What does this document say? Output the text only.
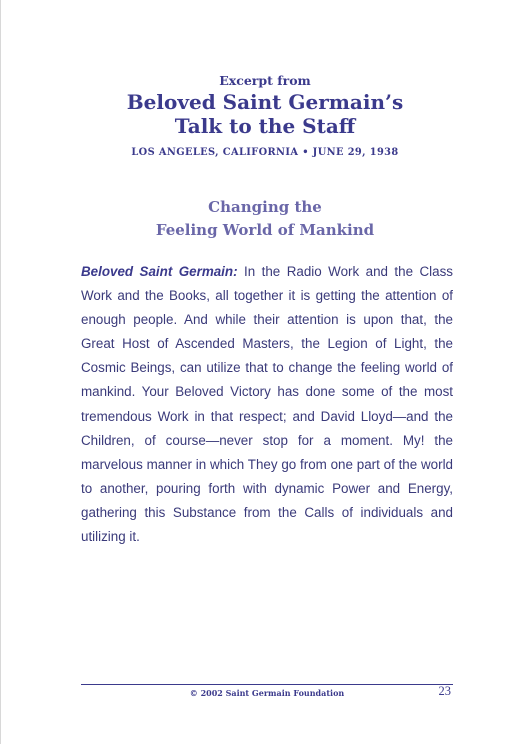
Excerpt from
Beloved Saint Germain’s
Talk to the Staff
LOS ANGELES, CALIFORNIA • JUNE 29, 1938
Changing the
Feeling World of Mankind

Beloved Saint Germain: In the Radio Work and the Class Work and the Books, all together it is getting the attention of enough people. And while their attention is upon that, the Great Host of Ascended Masters, the Legion of Light, the Cosmic Beings, can utilize that to change the feeling world of mankind. Your Beloved Victory has done some of the most tremendous Work in that respect; and David Lloyd—and the Children, of course—never stop for a moment. My! the marvelous manner in which They go from one part of the world to another, pouring forth with dynamic Power and Energy, gathering this Substance from the Calls of individuals and utilizing it.

© 2002 Saint Germain Foundation	23
